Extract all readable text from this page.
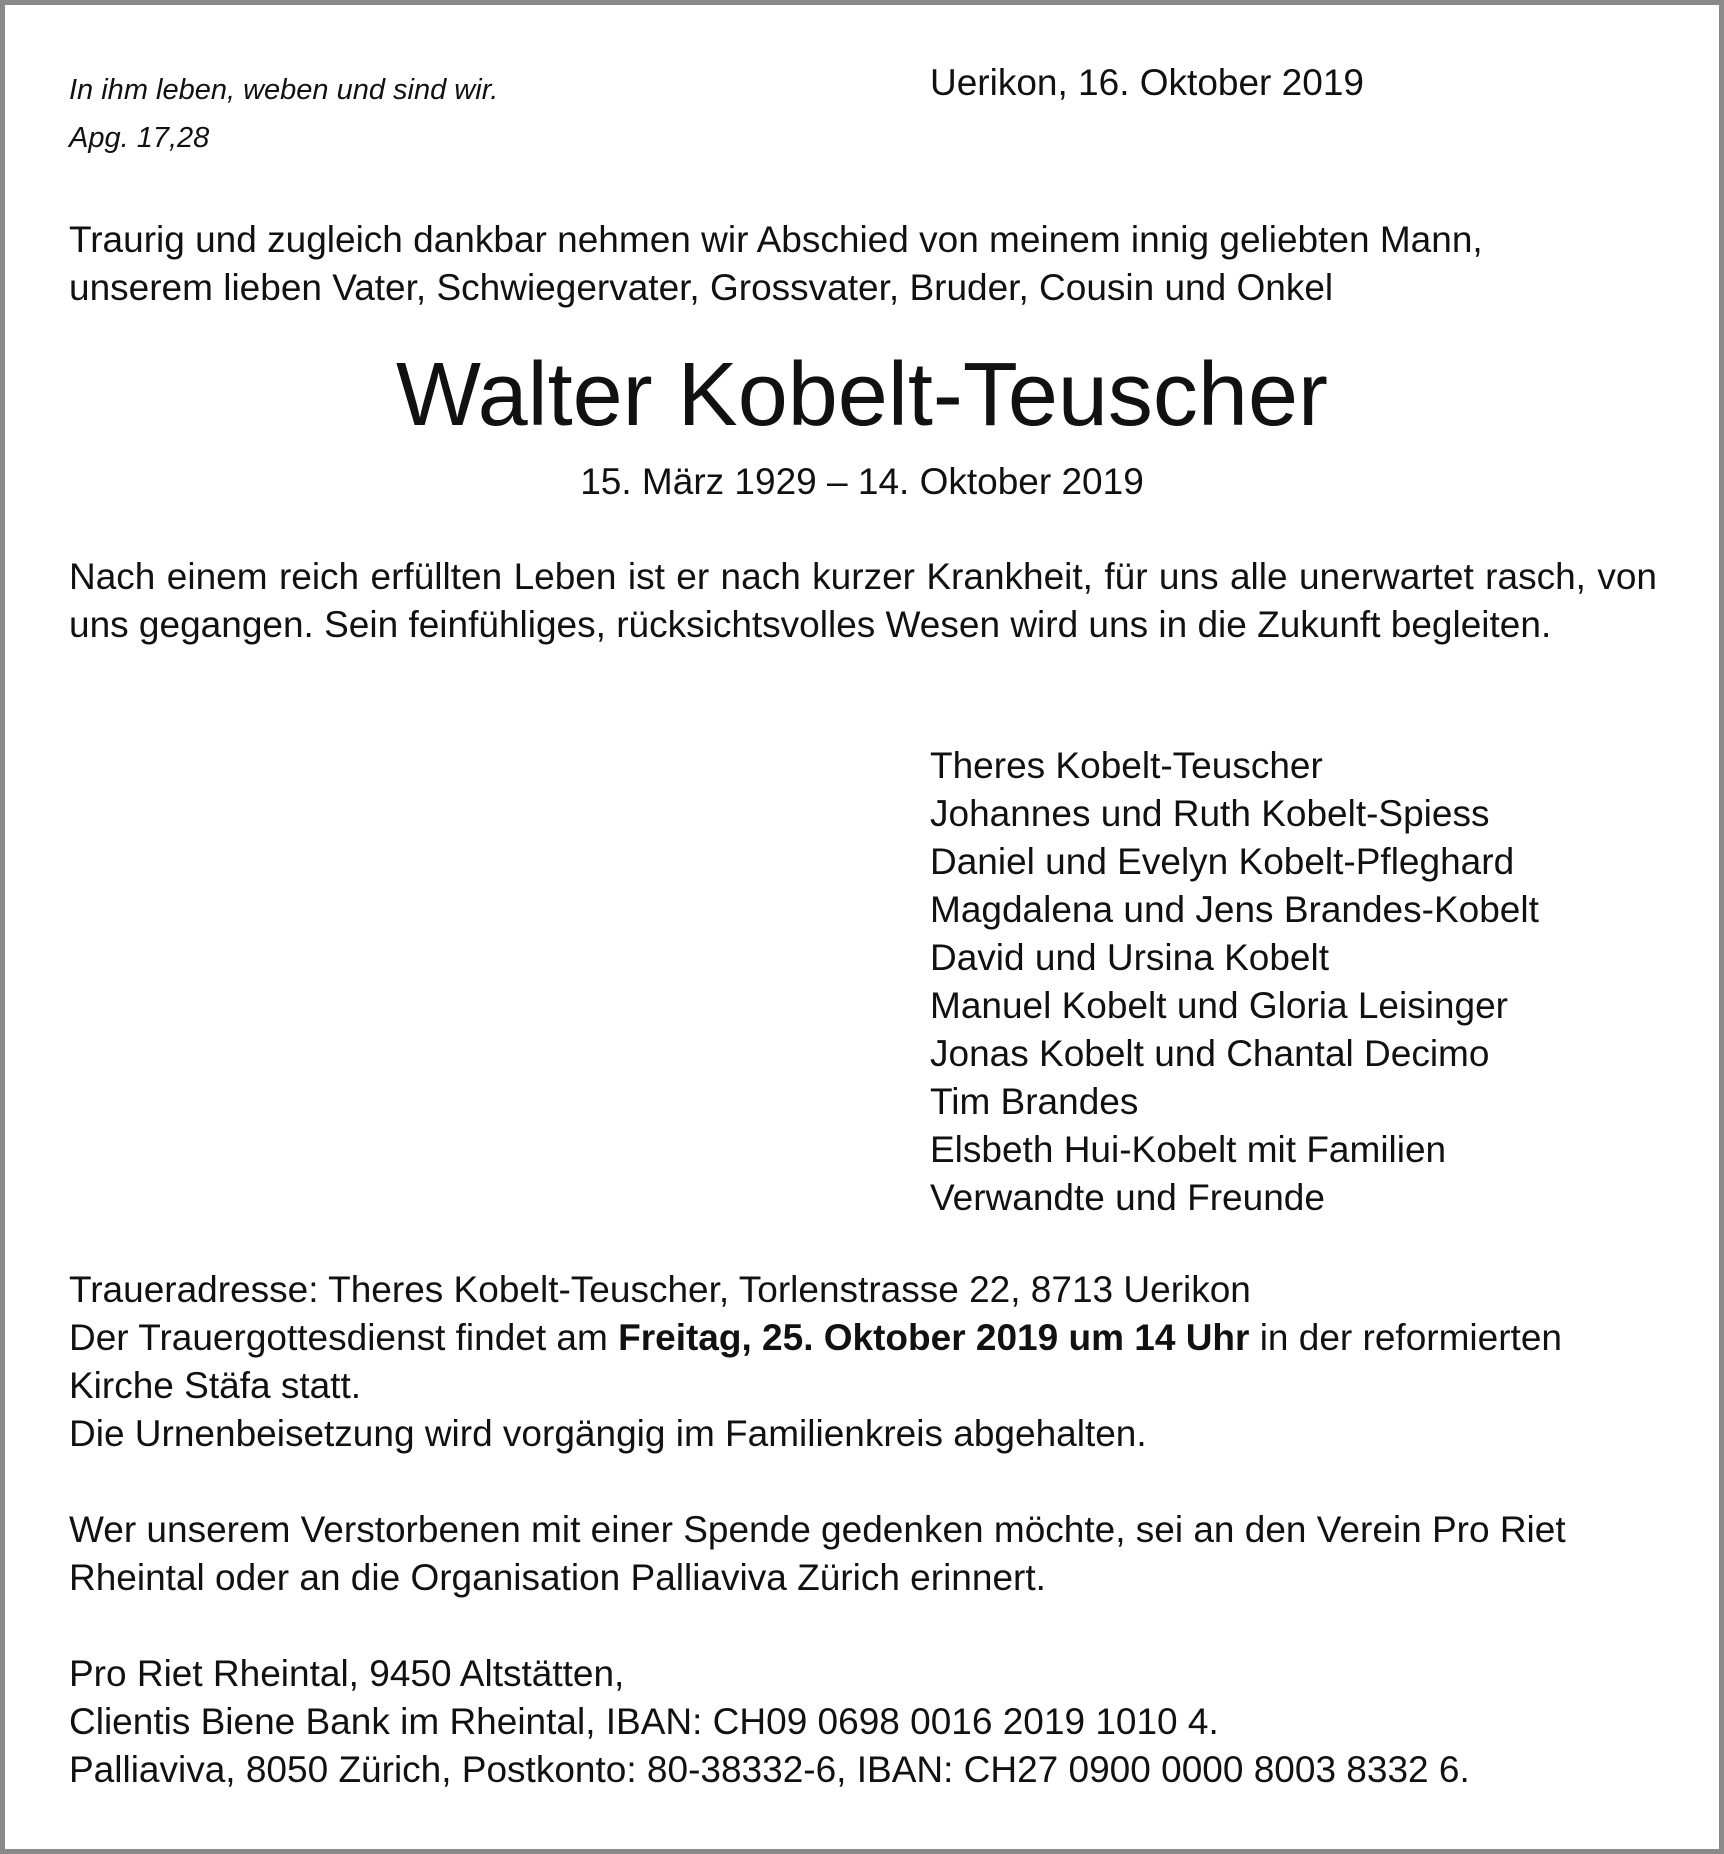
In ihm leben, weben und sind wir.
Apg. 17,28
Uerikon, 16. Oktober 2019
Traurig und zugleich dankbar nehmen wir Abschied von meinem innig geliebten Mann,
unserem lieben Vater, Schwiegervater, Grossvater, Bruder, Cousin und Onkel
Walter Kobelt-Teuscher
15. März 1929 – 14. Oktober 2019
Nach einem reich erfüllten Leben ist er nach kurzer Krankheit, für uns alle unerwartet rasch, von uns gegangen. Sein feinfühliges, rücksichtsvolles Wesen wird uns in die Zukunft begleiten.
Theres Kobelt-Teuscher
Johannes und Ruth Kobelt-Spiess
Daniel und Evelyn Kobelt-Pfleghard
Magdalena und Jens Brandes-Kobelt
David und Ursina Kobelt
Manuel Kobelt und Gloria Leisinger
Jonas Kobelt und Chantal Decimo
Tim Brandes
Elsbeth Hui-Kobelt mit Familien
Verwandte und Freunde
Traueradresse: Theres Kobelt-Teuscher, Torlenstrasse 22, 8713 Uerikon
Der Trauergottesdienst findet am Freitag, 25. Oktober 2019 um 14 Uhr in der reformierten
Kirche Stäfa statt.
Die Urnenbeisetzung wird vorgängig im Familienkreis abgehalten.
Wer unserem Verstorbenen mit einer Spende gedenken möchte, sei an den Verein Pro Riet
Rheintal oder an die Organisation Palliaviva Zürich erinnert.
Pro Riet Rheintal, 9450 Altstätten,
Clientis Biene Bank im Rheintal, IBAN: CH09 0698 0016 2019 1010 4.
Palliaviva, 8050 Zürich, Postkonto: 80-38332-6, IBAN: CH27 0900 0000 8003 8332 6.
